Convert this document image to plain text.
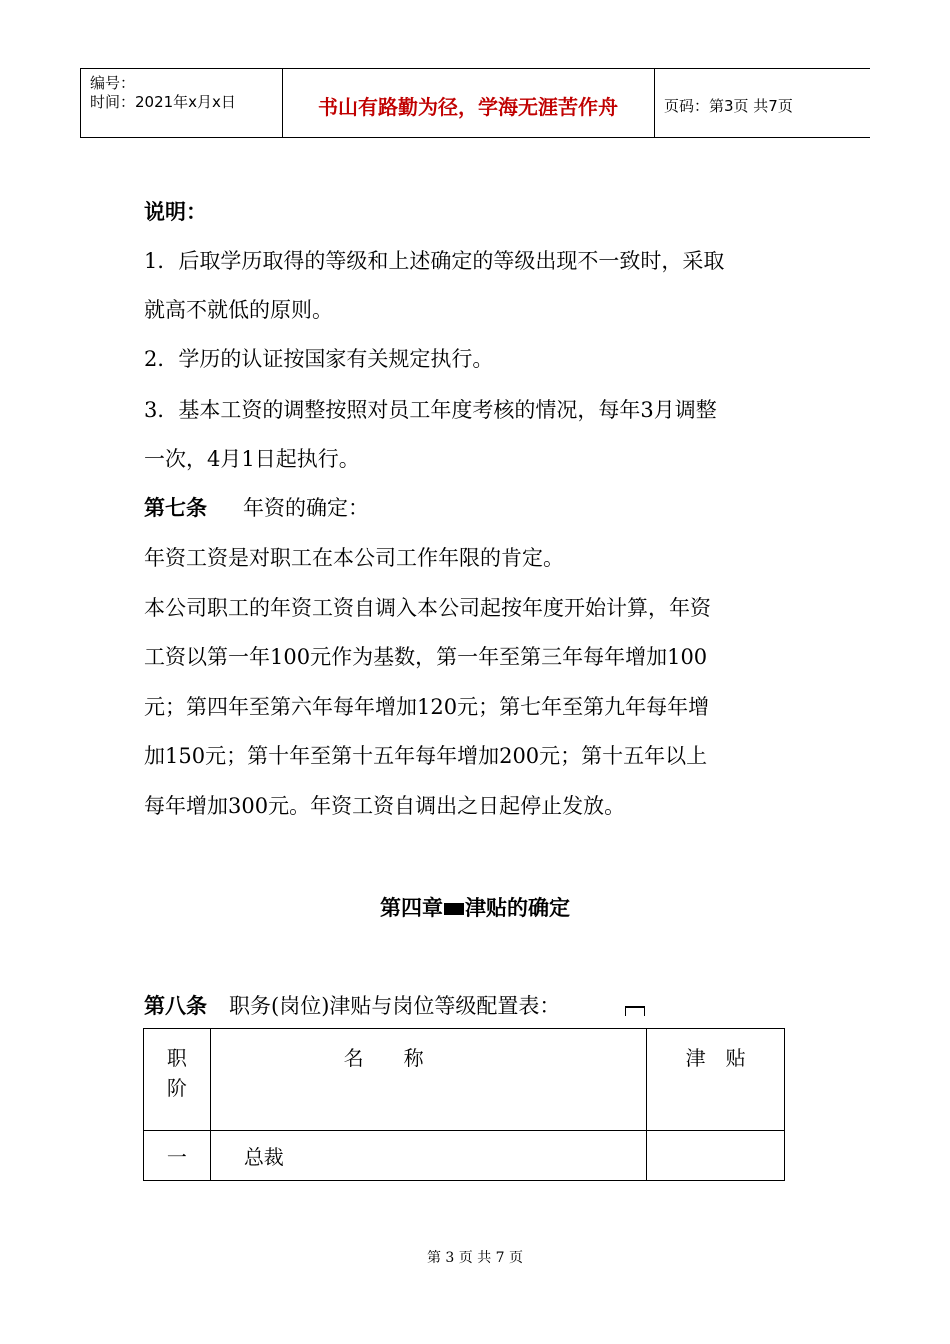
编号：
时间：2021年x月x日	书山有路勤为径，学海无涯苦作舟	页码：第3页 共7页
说明：
1．后取学历取得的等级和上述确定的等级出现不一致时，采取
就高不就低的原则。
2．学历的认证按国家有关规定执行。
3．基本工资的调整按照对员工年度考核的情况，每年3月调整
一次，4月1日起执行。
第七条 年资的确定：
年资工资是对职工在本公司工作年限的肯定。
本公司职工的年资工资自调入本公司起按年度开始计算，年资
工资以第一年100元作为基数，第一年至第三年每年增加100
元；第四年至第六年每年增加120元；第七年至第九年每年增
加150元；第十年至第十五年每年增加200元；第十五年以上
每年增加300元。年资工资自调出之日起停止发放。
第四章 津贴的确定
第八条 职务(岗位)津贴与岗位等级配置表：
职
阶	名　　称	津　贴

一	总裁	
第 3 页 共 7 页
